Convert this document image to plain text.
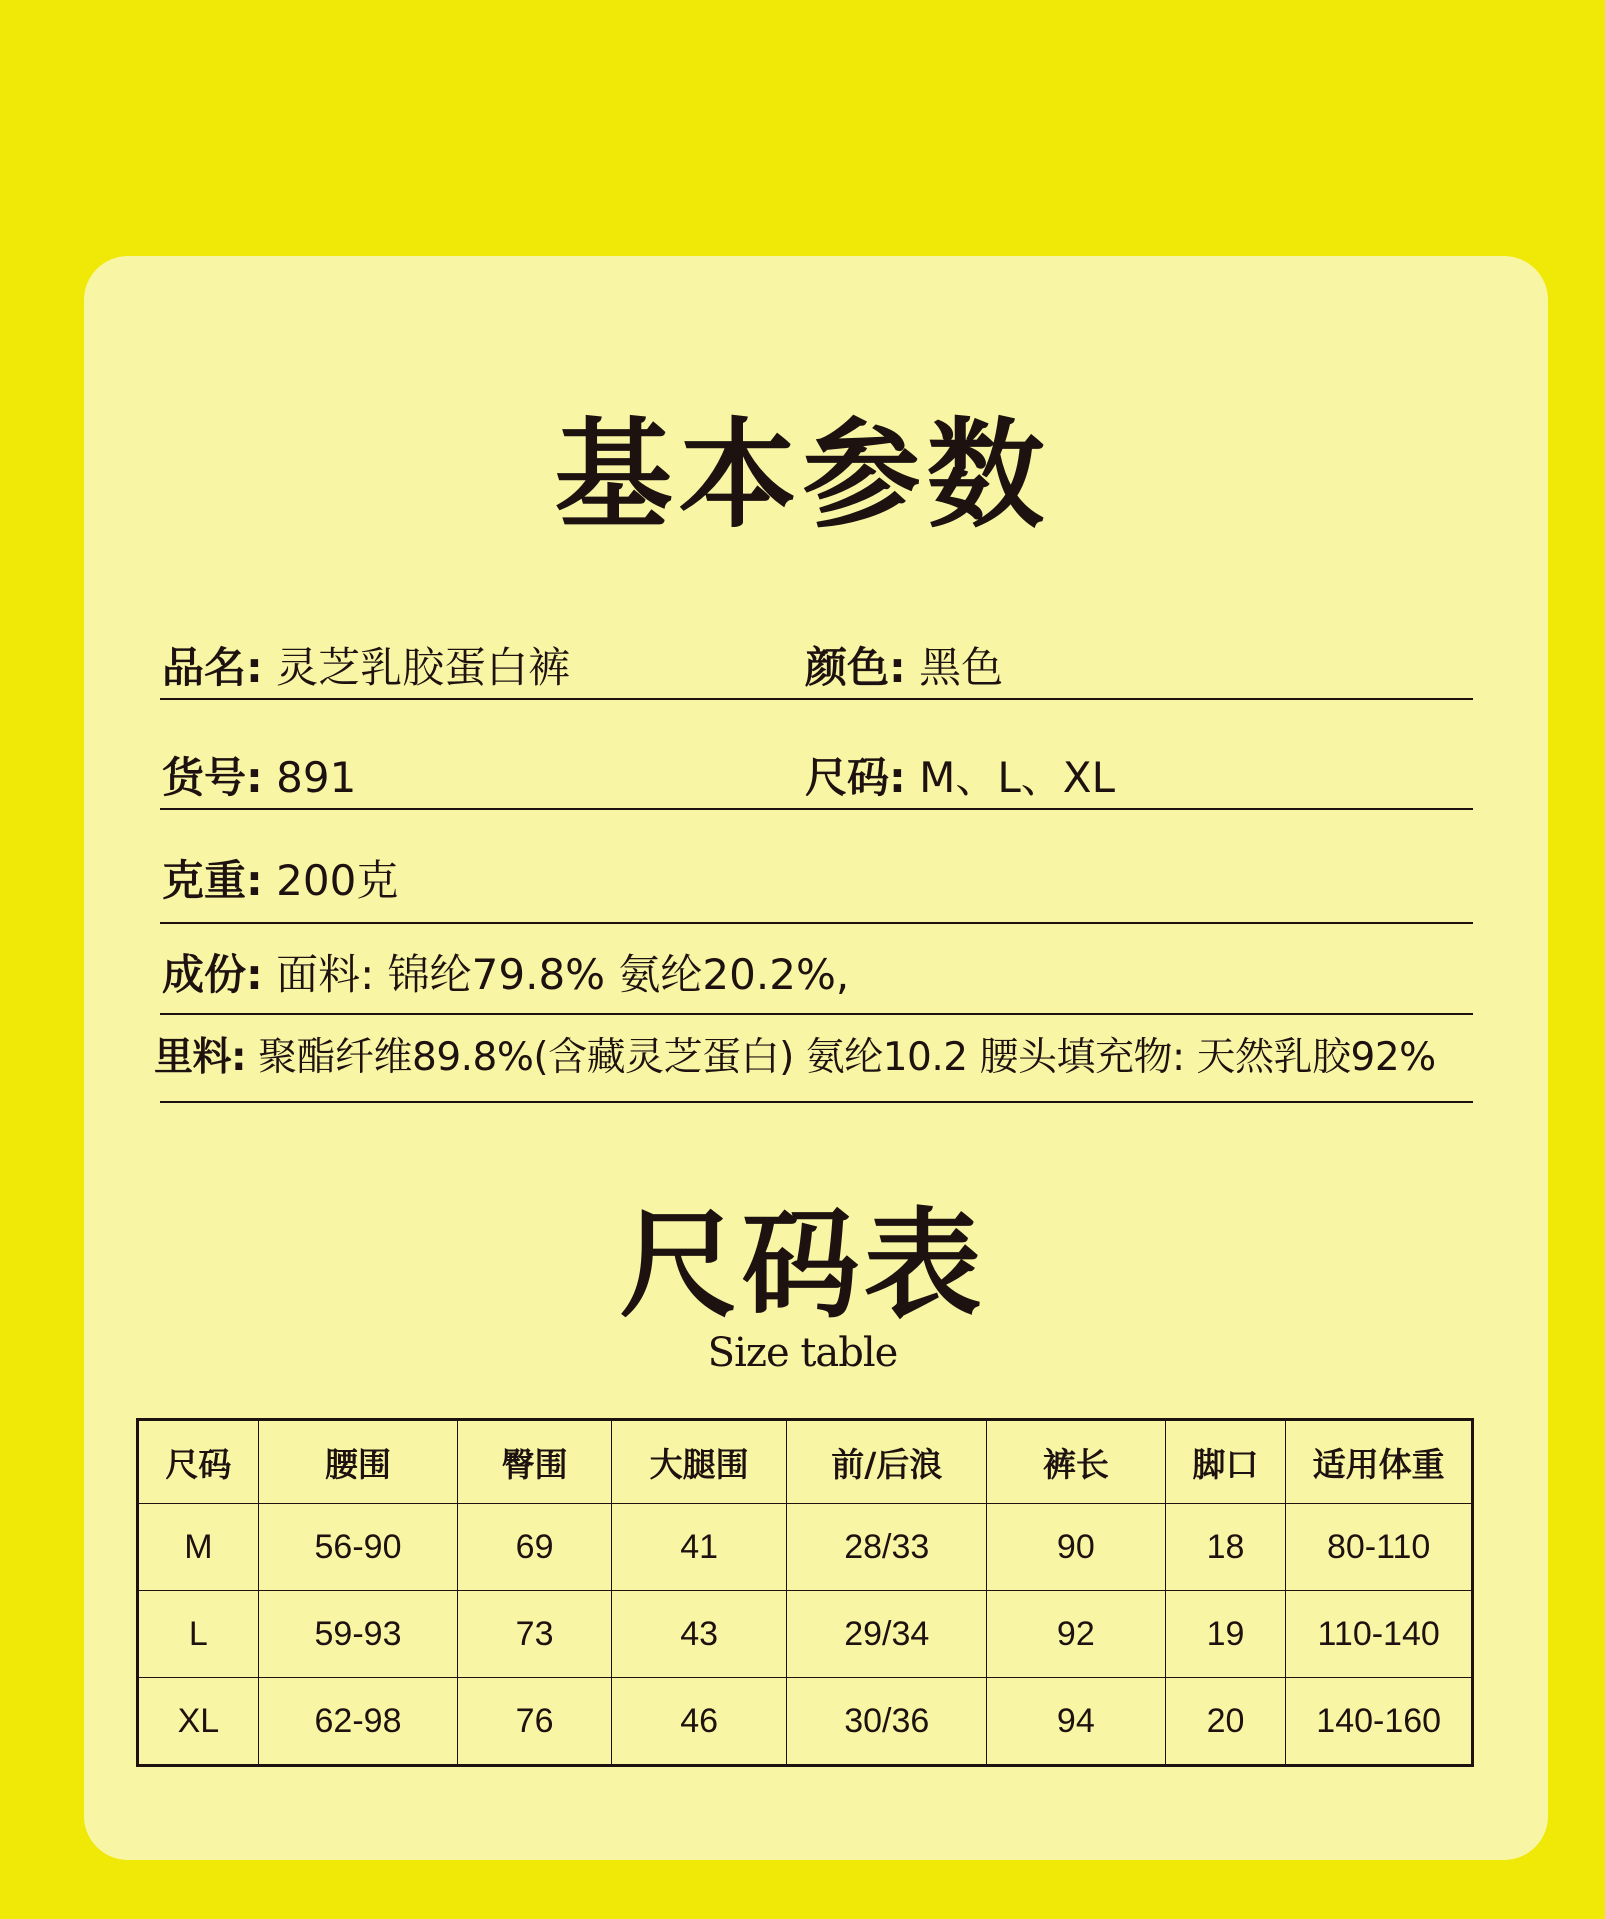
基本参数
品名: 灵芝乳胶蛋白裤	颜色: 黑色
货号: 891	尺码: M、L、XL
克重: 200克
成份: 面料: 锦纶79.8% 氨纶20.2%,
里料: 聚酯纤维89.8%(含藏灵芝蛋白) 氨纶10.2 腰头填充物: 天然乳胶92%
尺码表
Size table
尺码	腰围	臀围	大腿围	前/后浪	裤长	脚口	适用体重
M	56-90	69	41	28/33	90	18	80-110
L	59-93	73	43	29/34	92	19	110-140
XL	62-98	76	46	30/36	94	20	140-160
